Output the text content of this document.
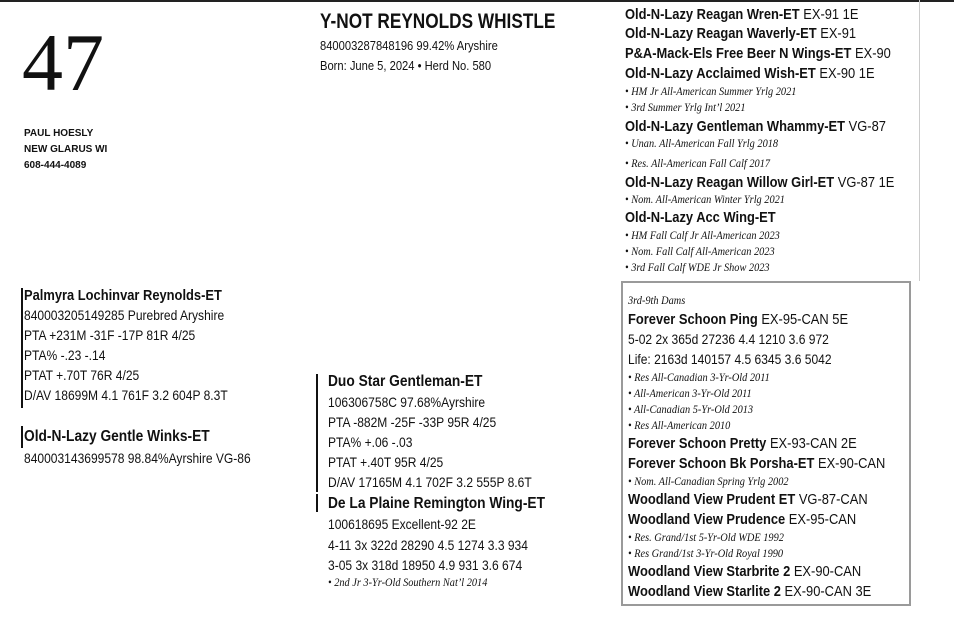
47
PAUL HOESLY
NEW GLARUS WI
608-444-4089
Y-NOT REYNOLDS WHISTLE
840003287848196 99.42% Aryshire
Born: June 5, 2024 • Herd No. 580
Palmyra Lochinvar Reynolds-ET
840003205149285 Purebred Aryshire
PTA +231M -31F -17P 81R 4/25
PTA% -.23 -.14
PTAT +.70T 76R 4/25
D/AV 18699M 4.1 761F 3.2 604P 8.3T
Old-N-Lazy Gentle Winks-ET
840003143699578 98.84%Ayrshire VG-86
Duo Star Gentleman-ET
106306758C 97.68%Ayrshire
PTA -882M -25F -33P 95R 4/25
PTA% +.06 -.03
PTAT +.40T 95R 4/25
D/AV 17165M 4.1 702F 3.2 555P 8.6T
De La Plaine Remington Wing-ET
100618695 Excellent-92 2E
4-11 3x 322d 28290 4.5 1274 3.3 934
3-05 3x 318d 18950 4.9 931 3.6 674
• 2nd Jr 3-Yr-Old Southern Nat’l 2014
Old-N-Lazy Reagan Wren-ET EX-91 1E
Old-N-Lazy Reagan Waverly-ET EX-91
P&A-Mack-Els Free Beer N Wings-ET EX-90
Old-N-Lazy Acclaimed Wish-ET EX-90 1E
• HM Jr All-American Summer Yrlg 2021
• 3rd Summer Yrlg Int’l 2021
Old-N-Lazy Gentleman Whammy-ET VG-87
• Unan. All-American Fall Yrlg 2018
• Res. All-American Fall Calf 2017
Old-N-Lazy Reagan Willow Girl-ET VG-87 1E
• Nom. All-American Winter Yrlg 2021
Old-N-Lazy Acc Wing-ET
• HM Fall Calf Jr All-American 2023
• Nom. Fall Calf All-American 2023
• 3rd Fall Calf WDE Jr Show 2023
3rd-9th Dams
Forever Schoon Ping EX-95-CAN 5E
5-02 2x 365d 27236 4.4 1210 3.6 972
Life: 2163d 140157 4.5 6345 3.6 5042
• Res All-Canadian 3-Yr-Old 2011
• All-American 3-Yr-Old 2011
• All-Canadian 5-Yr-Old 2013
• Res All-American 2010
Forever Schoon Pretty EX-93-CAN 2E
Forever Schoon Bk Porsha-ET EX-90-CAN
• Nom. All-Canadian Spring Yrlg 2002
Woodland View Prudent ET VG-87-CAN
Woodland View Prudence EX-95-CAN
• Res. Grand/1st 5-Yr-Old WDE 1992
• Res Grand/1st 3-Yr-Old Royal 1990
Woodland View Starbrite 2 EX-90-CAN
Woodland View Starlite 2 EX-90-CAN 3E
